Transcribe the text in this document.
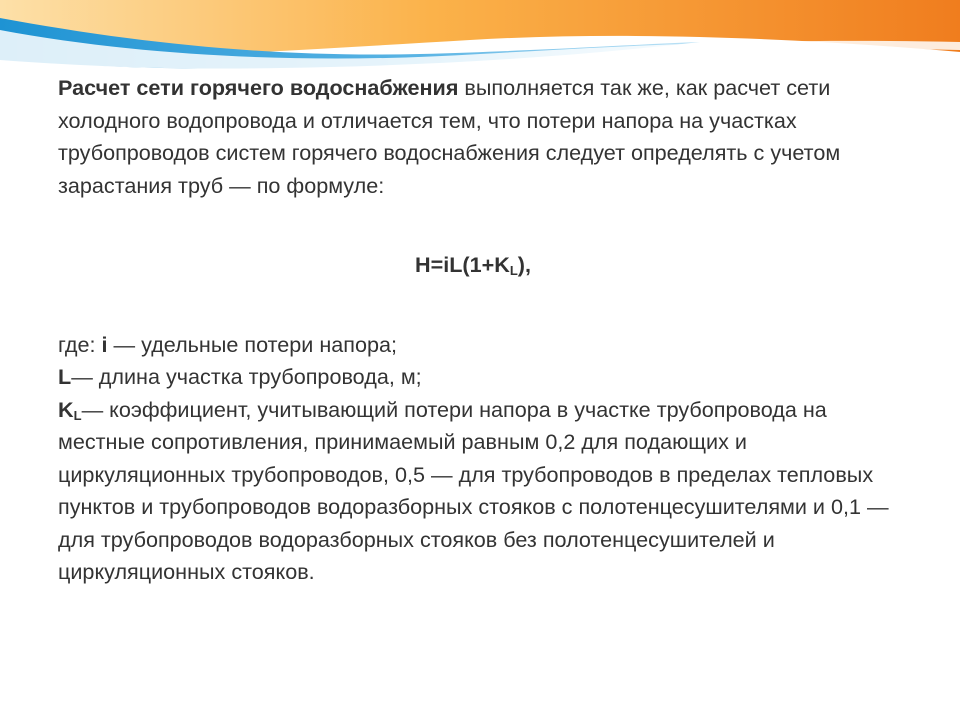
Расчет сети горячего водоснабжения выполняется так же, как расчет сети холодного водопровода и отличается тем, что потери напора на участках трубопроводов систем горячего водоснабжения следует определять с учетом зарастания труб — по формуле:

$H=iL(1+K_L)$,

где: i — удельные потери напора;

L— длина участка трубопровода, м;

$K_L—$ коэффициент, учитывающий потери напора в участке трубопровода на местные сопротивления, принимаемый равным 0,2 для подающих и циркуляционных трубопроводов, 0,5 — для трубопроводов в пределах тепловых пунктов и трубопроводов водоразборных стояков с полотенцесушителями и 0,1 — для трубопроводов водоразборных стояков без полотенцесушителей и циркуляционных стояков.
